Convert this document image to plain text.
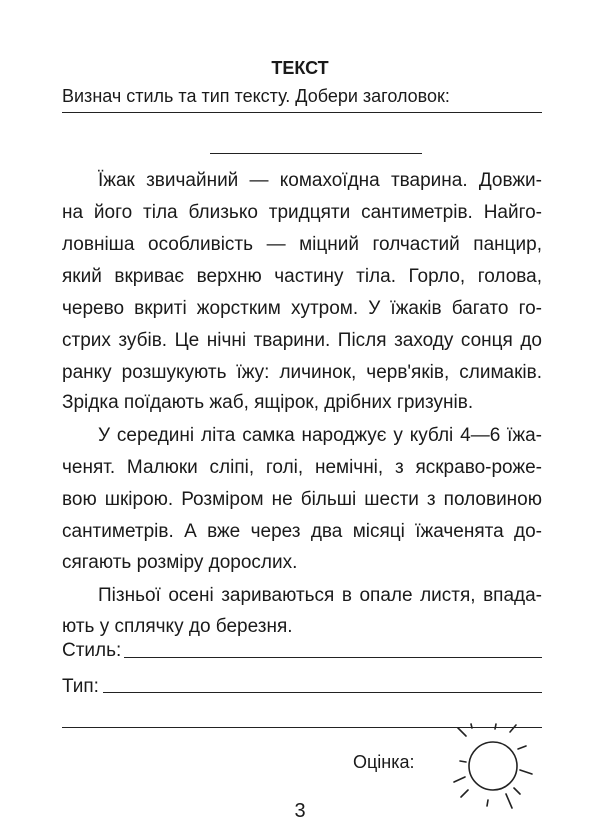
ТЕКСТ
Визнач стиль та тип тексту. Добери заголовок:
Їжак звичайний — комахоїдна тварина. Довжи-
на його тіла близько тридцяти сантиметрів. Найго-
ловніша особливість — міцний голчастий панцир,
який вкриває верхню частину тіла. Горло, голова,
черево вкриті жорстким хутром. У їжаків багато го-
стрих зубів. Це нічні тварини. Після заходу сонця до
ранку розшукують їжу: личинок, черв'яків, слимаків.
Зрідка поїдають жаб, ящірок, дрібних гризунів.
У середині літа самка народжує у кублі 4—6 їжа-
ченят. Малюки сліпі, голі, немічні, з яскраво-роже-
вою шкірою. Розміром не більші шести з половиною
сантиметрів. А вже через два місяці їжаченята до-
сягають розміру дорослих.
Пізньої осені зариваються в опале листя, впада-
ють у сплячку до березня.
Стиль:
Тип:
Оцінка:
3
